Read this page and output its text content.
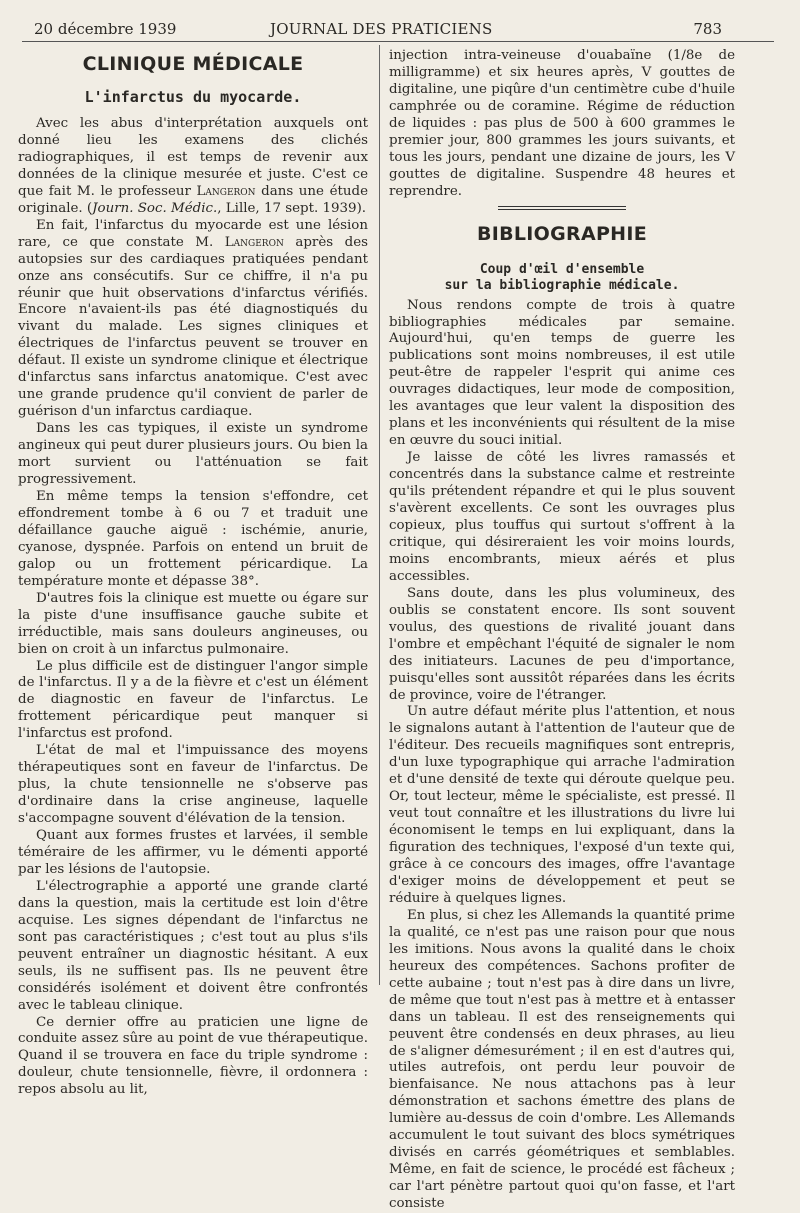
20 décembre 1939	JOURNAL DES PRATICIENS	783
CLINIQUE MÉDICALE
L'infarctus du myocarde.

Avec les abus d'interprétation auxquels ont donné lieu les examens des clichés radiographiques, il est temps de revenir aux données de la clinique mesurée et juste. C'est ce que fait M. le professeur Langeron dans une étude originale. (Journ. Soc. Médic., Lille, 17 sept. 1939).

En fait, l'infarctus du myocarde est une lésion rare, ce que constate M. Langeron après des autopsies sur des cardiaques pratiquées pendant onze ans consécutifs. Sur ce chiffre, il n'a pu réunir que huit observations d'infarctus vérifiés. Encore n'avaient-ils pas été diagnostiqués du vivant du malade. Les signes cliniques et électriques de l'infarctus peuvent se trouver en défaut. Il existe un syndrome clinique et électrique d'infarctus sans infarctus anatomique. C'est avec une grande prudence qu'il convient de parler de guérison d'un infarctus cardiaque.

Dans les cas typiques, il existe un syndrome angineux qui peut durer plusieurs jours. Ou bien la mort survient ou l'atténuation se fait progressivement.

En même temps la tension s'effondre, cet effondrement tombe à 6 ou 7 et traduit une défaillance gauche aiguë : ischémie, anurie, cyanose, dyspnée. Parfois on entend un bruit de galop ou un frottement péricardique. La température monte et dépasse 38°.

D'autres fois la clinique est muette ou égare sur la piste d'une insuffisance gauche subite et irréductible, mais sans douleurs angineuses, ou bien on croit à un infarctus pulmonaire.

Le plus difficile est de distinguer l'angor simple de l'infarctus. Il y a de la fièvre et c'est un élément de diagnostic en faveur de l'infarctus. Le frottement péricardique peut manquer si l'infarctus est profond.

L'état de mal et l'impuissance des moyens thérapeutiques sont en faveur de l'infarctus. De plus, la chute tensionnelle ne s'observe pas d'ordinaire dans la crise angineuse, laquelle s'accompagne souvent d'élévation de la tension.

Quant aux formes frustes et larvées, il semble téméraire de les affirmer, vu le démenti apporté par les lésions de l'autopsie.

L'électrographie a apporté une grande clarté dans la question, mais la certitude est loin d'être acquise. Les signes dépendant de l'infarctus ne sont pas caractéristiques ; c'est tout au plus s'ils peuvent entraîner un diagnostic hésitant. A eux seuls, ils ne suffisent pas. Ils ne peuvent être considérés isolément et doivent être confrontés avec le tableau clinique.

Ce dernier offre au praticien une ligne de conduite assez sûre au point de vue thérapeutique. Quand il se trouvera en face du triple syndrome : douleur, chute tensionnelle, fièvre, il ordonnera : repos absolu au lit,

injection intra-veineuse d'ouabaïne (1/8e de milligramme) et six heures après, V gouttes de digitaline, une piqûre d'un centimètre cube d'huile camphrée ou de coramine. Régime de réduction de liquides : pas plus de 500 à 600 grammes le premier jour, 800 grammes les jours suivants, et tous les jours, pendant une dizaine de jours, les V gouttes de digitaline. Suspendre 48 heures et reprendre.

BIBLIOGRAPHIE
Coup d'œil d'ensemble
sur la bibliographie médicale.

Nous rendons compte de trois à quatre bibliographies médicales par semaine. Aujourd'hui, qu'en temps de guerre les publications sont moins nombreuses, il est utile peut-être de rappeler l'esprit qui anime ces ouvrages didactiques, leur mode de composition, les avantages que leur valent la disposition des plans et les inconvénients qui résultent de la mise en œuvre du souci initial.

Je laisse de côté les livres ramassés et concentrés dans la substance calme et restreinte qu'ils prétendent répandre et qui le plus souvent s'avèrent excellents. Ce sont les ouvrages plus copieux, plus touffus qui surtout s'offrent à la critique, qui désireraient les voir moins lourds, moins encombrants, mieux aérés et plus accessibles.

Sans doute, dans les plus volumineux, des oublis se constatent encore. Ils sont souvent voulus, des questions de rivalité jouant dans l'ombre et empêchant l'équité de signaler le nom des initiateurs. Lacunes de peu d'importance, puisqu'elles sont aussitôt réparées dans les écrits de province, voire de l'étranger.

Un autre défaut mérite plus l'attention, et nous le signalons autant à l'attention de l'auteur que de l'éditeur. Des recueils magnifiques sont entrepris, d'un luxe typographique qui arrache l'admiration et d'une densité de texte qui déroute quelque peu. Or, tout lecteur, même le spécialiste, est pressé. Il veut tout connaître et les illustrations du livre lui économisent le temps en lui expliquant, dans la figuration des techniques, l'exposé d'un texte qui, grâce à ce concours des images, offre l'avantage d'exiger moins de développement et peut se réduire à quelques lignes.

En plus, si chez les Allemands la quantité prime la qualité, ce n'est pas une raison pour que nous les imitions. Nous avons la qualité dans le choix heureux des compétences. Sachons profiter de cette aubaine ; tout n'est pas à dire dans un livre, de même que tout n'est pas à mettre et à entasser dans un tableau. Il est des renseignements qui peuvent être condensés en deux phrases, au lieu de s'aligner démesurément ; il en est d'autres qui, utiles autrefois, ont perdu leur pouvoir de bienfaisance. Ne nous attachons pas à leur démonstration et sachons émettre des plans de lumière au-dessus de coin d'ombre. Les Allemands accumulent le tout suivant des blocs symétriques divisés en carrés géométriques et semblables. Même, en fait de science, le procédé est fâcheux ; car l'art pénètre partout quoi qu'on fasse, et l'art consiste
